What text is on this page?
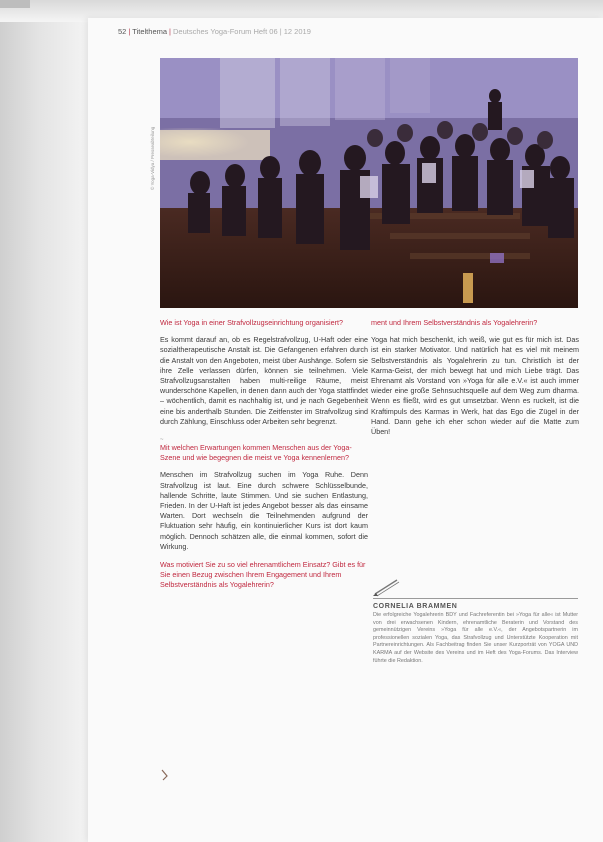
52 | Titelthema | Deutsches Yoga-Forum Heft 06 | 12 2019
© Yoga-Vidya / Presseabteilung
Wie ist Yoga in einer Strafvollzugseinrichtung organisiert?
Es kommt darauf an, ob es Regelstrafvollzug, U-Haft oder eine sozialtherapeutische Anstalt ist. Die Gefangenen erfahren durch die Anstalt von den Angeboten, meist über Aushänge. Sofern sie ihre Zelle verlassen dürfen, können sie teilnehmen. Viele Strafvollzugsanstalten haben multi-reilige Räume, meist wunderschöne Kapellen, in denen dann auch der Yoga stattfindet – wöchentlich, damit es nachhaltig ist, und je nach Gegebenheit eine bis anderthalb Stunden. Die Zeitfenster im Strafvollzug sind durch Zählung, Einschluss oder Arbeiten sehr begrenzt.
~
Mit welchen Erwartungen kommen Menschen aus der Yoga-Szene und wie begegnen die meist ve Yoga kennenlernen?
Menschen im Strafvollzug suchen im Yoga Ruhe. Denn Strafvollzug ist laut. Eine durch schwere Schlüsselbunde, hallende Schritte, laute Stimmen. Und sie suchen Entlastung, Frieden. In der U-Haft ist jedes Angebot besser als das einsame Warten. Dort wechseln die Teilnehmenden aufgrund der Fluktuation sehr häufig, ein kontinuierlicher Kurs ist dort kaum möglich. Dennoch schätzen alle, die einmal kommen, sofort die Wirkung.
Was motiviert Sie zu so viel ehrenamtlichem Einsatz? Gibt es für Sie einen Bezug zwischen Ihrem Engagement und Ihrem Selbstverständnis als Yogalehrerin?
ment und Ihrem Selbstverständnis als Yogalehrerin?
Yoga hat mich beschenkt, ich weiß, wie gut es für mich ist. Das ist ein starker Motivator. Und natürlich hat es viel mit meinem Selbstverständnis als Yogalehrerin zu tun. Christlich ist der Karma-Geist, der mich bewegt hat und mich Liebe trägt. Das Ehrenamt als Vorstand von »Yoga für alle e.V.« ist auch immer wieder eine große Sehnsuchtsquelle auf dem Weg zum dharma. Wenn es fließt, wird es gut umsetzbar. Wenn es ruckelt, ist die Kraftimpuls des Karmas in Werk, hat das Ego die Zügel in der Hand. Dann gehe ich eher schon wieder auf die Matte zum Üben!
CORNELIA BRAMMEN
Die erfolgreiche Yogalehrerin BDY und Fachreferentin bei »Yoga für alle« ist Mutter von drei erwachsenen Kindern, ehrenamtliche Beraterin und Vorstand des gemeinnützigen Vereins »Yoga für alle e.V.«, der Angebotspartnerin im professionellen sozialen Yoga, das Strafvollzug und Unterstützte Kooperation mit Partnereinrichtungen. Als Fachbeitrag finden Sie unser Kurzporträt von YOGA UND KARMA auf der Website des Vereins und im Heft des Yoga-Forums. Das Interview führte die Redaktion.
